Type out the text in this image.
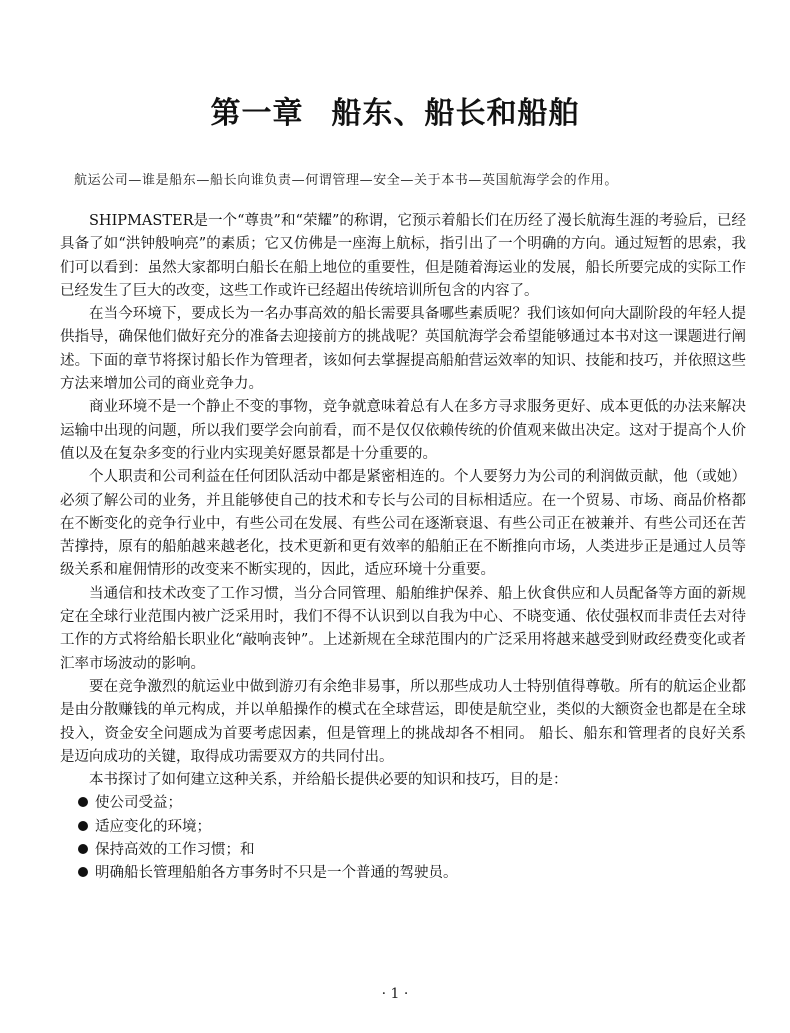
第一章 船东、船长和船舶
航运公司—谁是船东—船长向谁负责—何谓管理—安全—关于本书—英国航海学会的作用。

SHIPMASTER是一个“尊贵”和“荣耀”的称谓，它预示着船长们在历经了漫长航海生涯的考验后，已经具备了如“洪钟般响亮”的素质；它又仿佛是一座海上航标，指引出了一个明确的方向。通过短暂的思索，我们可以看到：虽然大家都明白船长在船上地位的重要性，但是随着海运业的发展，船长所要完成的实际工作已经发生了巨大的改变，这些工作或许已经超出传统培训所包含的内容了。

在当今环境下，要成长为一名办事高效的船长需要具备哪些素质呢？我们该如何向大副阶段的年轻人提供指导，确保他们做好充分的准备去迎接前方的挑战呢？英国航海学会希望能够通过本书对这一课题进行阐述。下面的章节将探讨船长作为管理者，该如何去掌握提高船舶营运效率的知识、技能和技巧，并依照这些方法来增加公司的商业竞争力。

商业环境不是一个静止不变的事物，竞争就意味着总有人在多方寻求服务更好、成本更低的办法来解决运输中出现的问题，所以我们要学会向前看，而不是仅仅依赖传统的价值观来做出决定。这对于提高个人价值以及在复杂多变的行业内实现美好愿景都是十分重要的。

个人职责和公司利益在任何团队活动中都是紧密相连的。个人要努力为公司的利润做贡献，他（或她）必须了解公司的业务，并且能够使自己的技术和专长与公司的目标相适应。在一个贸易、市场、商品价格都在不断变化的竞争行业中，有些公司在发展、有些公司在逐渐衰退、有些公司正在被兼并、有些公司还在苦苦撑持，原有的船舶越来越老化，技术更新和更有效率的船舶正在不断推向市场，人类进步正是通过人员等级关系和雇佣情形的改变来不断实现的，因此，适应环境十分重要。

当通信和技术改变了工作习惯，当分合同管理、船舶维护保养、船上伙食供应和人员配备等方面的新规定在全球行业范围内被广泛采用时，我们不得不认识到以自我为中心、不晓变通、依仗强权而非责任去对待工作的方式将给船长职业化“敲响丧钟”。上述新规在全球范围内的广泛采用将越来越受到财政经费变化或者汇率市场波动的影响。

要在竞争激烈的航运业中做到游刃有余绝非易事，所以那些成功人士特别值得尊敬。所有的航运企业都是由分散赚钱的单元构成，并以单船操作的模式在全球营运，即使是航空业，类似的大额资金也都是在全球投入，资金安全问题成为首要考虑因素，但是管理上的挑战却各不相同。 船长、船东和管理者的良好关系是迈向成功的关键，取得成功需要双方的共同付出。

本书探讨了如何建立这种关系，并给船长提供必要的知识和技巧，目的是：

使公司受益；
适应变化的环境；
保持高效的工作习惯；和
明确船长管理船舶各方事务时不只是一个普通的驾驶员。
· 1 ·
